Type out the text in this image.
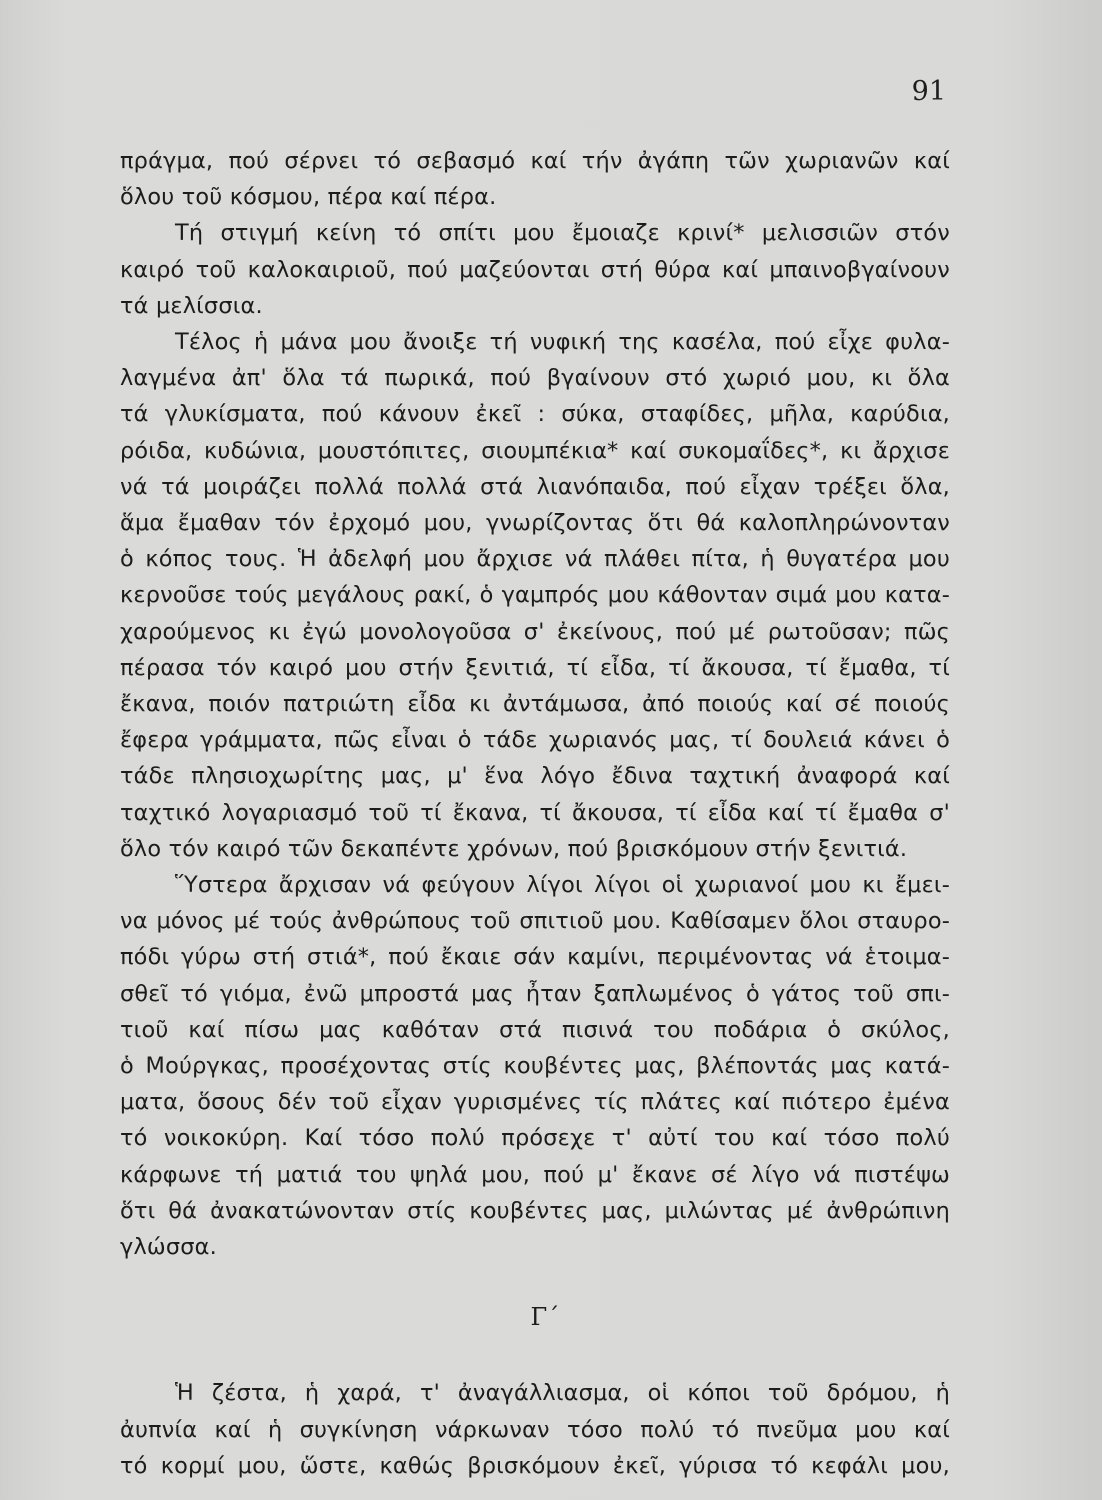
91
πράγμα, πού σέρνει τό σεβασμό καί τήν ἀγάπη τῶν χωριανῶν καί
ὅλου τοῦ κόσμου, πέρα καί πέρα.
Τή στιγμή κείνη τό σπίτι μου ἔμοιαζε κρινί* μελισσιῶν στόν
καιρό τοῦ καλοκαιριοῦ, πού μαζεύονται στή θύρα καί μπαινοβγαίνουν
τά μελίσσια.
Τέλος ἡ μάνα μου ἄνοιξε τή νυφική της κασέλα, πού εἶχε φυλα-
λαγμένα ἀπ' ὅλα τά πωρικά, πού βγαίνουν στό χωριό μου, κι ὅλα
τά γλυκίσματα, πού κάνουν ἐκεῖ : σύκα, σταφίδες, μῆλα, καρύδια,
ρόιδα, κυδώνια, μουστόπιτες, σιουμπέκια* καί συκομαΐδες*, κι ἄρχισε
νά τά μοιράζει πολλά πολλά στά λιανόπαιδα, πού εἶχαν τρέξει ὅλα,
ἅμα ἔμαθαν τόν ἐρχομό μου, γνωρίζοντας ὅτι θά καλοπληρώνονταν
ὁ κόπος τους. Ἡ ἀδελφή μου ἄρχισε νά πλάθει πίτα, ἡ θυγατέρα μου
κερνοῦσε τούς μεγάλους ρακί, ὁ γαμπρός μου κάθονταν σιμά μου κατα-
χαρούμενος κι ἐγώ μονολογοῦσα σ' ἐκείνους, πού μέ ρωτοῦσαν; πῶς
πέρασα τόν καιρό μου στήν ξενιτιά, τί εἶδα, τί ἄκουσα, τί ἔμαθα, τί
ἔκανα, ποιόν πατριώτη εἶδα κι ἀντάμωσα, ἀπό ποιούς καί σέ ποιούς
ἔφερα γράμματα, πῶς εἶναι ὁ τάδε χωριανός μας, τί δουλειά κάνει ὁ
τάδε πλησιοχωρίτης μας, μ' ἕνα λόγο ἔδινα ταχτική ἀναφορά καί
ταχτικό λογαριασμό τοῦ τί ἔκανα, τί ἄκουσα, τί εἶδα καί τί ἔμαθα σ'
ὅλο τόν καιρό τῶν δεκαπέντε χρόνων, πού βρισκόμουν στήν ξενιτιά.
Ὕστερα ἄρχισαν νά φεύγουν λίγοι λίγοι οἱ χωριανοί μου κι ἔμει-
να μόνος μέ τούς ἀνθρώπους τοῦ σπιτιοῦ μου. Καθίσαμεν ὅλοι σταυρο-
πόδι γύρω στή στιά*, πού ἔκαιε σάν καμίνι, περιμένοντας νά ἑτοιμα-
σθεῖ τό γιόμα, ἐνῶ μπροστά μας ἦταν ξαπλωμένος ὁ γάτος τοῦ σπι-
τιοῦ καί πίσω μας καθόταν στά πισινά του ποδάρια ὁ σκύλος,
ὁ Μούργκας, προσέχοντας στίς κουβέντες μας, βλέποντάς μας κατά-
ματα, ὅσους δέν τοῦ εἶχαν γυρισμένες τίς πλάτες καί πιότερο ἐμένα
τό νοικοκύρη. Καί τόσο πολύ πρόσεχε τ' αὐτί του καί τόσο πολύ
κάρφωνε τή ματιά του ψηλά μου, πού μ' ἔκανε σέ λίγο νά πιστέψω
ὅτι θά ἀνακατώνονταν στίς κουβέντες μας, μιλώντας μέ ἀνθρώπινη
γλώσσα.
Γ΄
Ἡ ζέστα, ἡ χαρά, τ' ἀναγάλλιασμα, οἱ κόποι τοῦ δρόμου, ἡ
ἀυπνία καί ἡ συγκίνηση νάρκωναν τόσο πολύ τό πνεῦμα μου καί
τό κορμί μου, ὥστε, καθώς βρισκόμουν ἐκεῖ, γύρισα τό κεφάλι μου,
